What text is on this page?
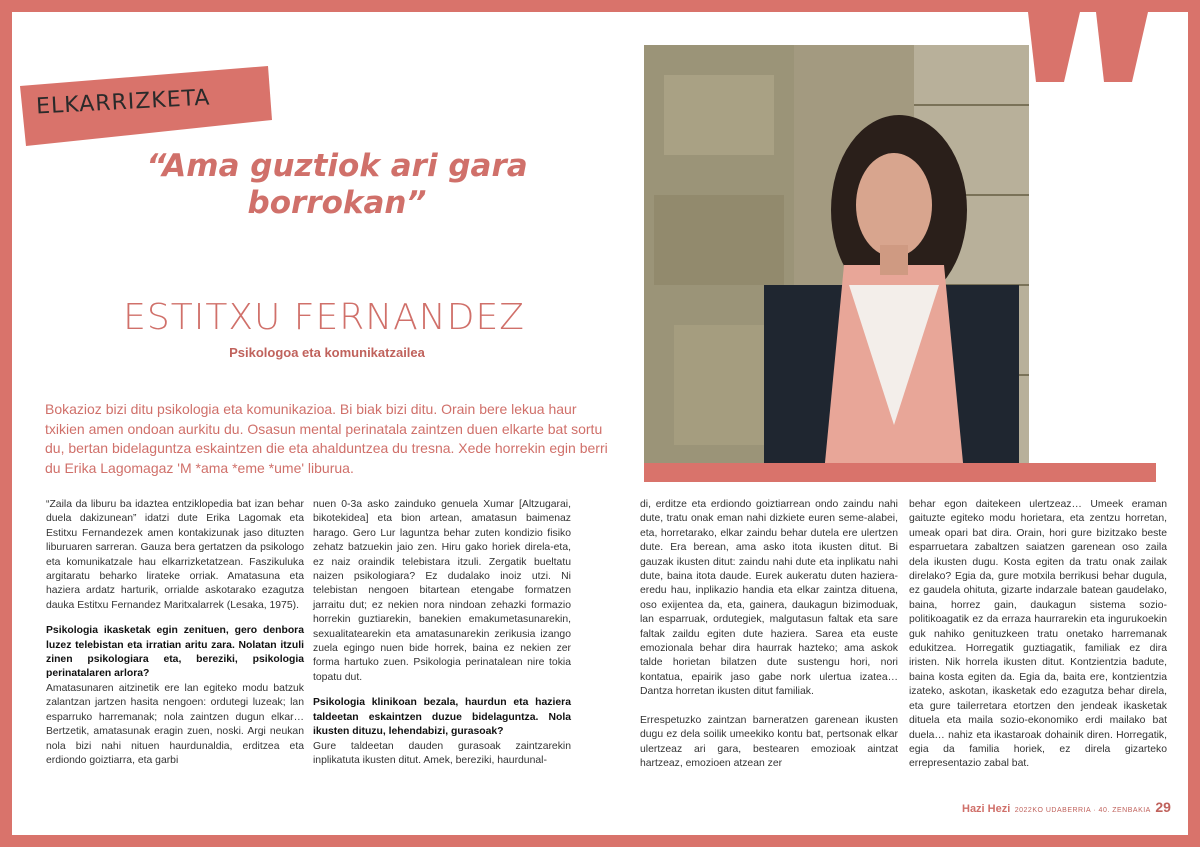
ELKARRIZKETA
“Ama guztiok ari gara borrokan”
ESTITXU FERNANDEZ
Psikologoa eta komunikatzailea
Bokazioz bizi ditu psikologia eta komunikazioa. Bi biak bizi ditu. Orain bere lekua haur txikien amen ondoan aurkitu du. Osasun mental perinatala zaintzen duen elkarte bat sortu du, bertan bidelaguntza eskaintzen die eta ahalduntzea du tresna. Xede horrekin egin berri du Erika Lagomagaz 'M *ama *eme *ume' liburua.

“Zaila da liburu ba idaztea entziklopedia bat izan behar duela dakizunean” idatzi dute Erika Lagomak eta Estitxu Fernandezek amen kontakizunak jaso dituzten liburuaren sarreran. Gauza bera gertatzen da psikologo eta komunikatzale hau elkarrizketatzean. Faszikuluka argitaratu beharko lirateke orriak. Amatasuna eta haziera ardatz harturik, orrialde askotarako ezagutza dauka Estitxu Fernandez Maritxalarrek (Lesaka, 1975).

Psikologia ikasketak egin zenituen, gero denbora luzez telebistan eta irratian aritu zara. Nolatan itzuli zinen psikologiara eta, bereziki, psikologia perinatalaren arlora?

Amatasunaren aitzinetik ere lan egiteko modu batzuk zalantzan jartzen hasita nengoen: ordutegi luzeak; lan esparruko harremanak; nola zaintzen dugun elkar… Bertzetik, amatasunak eragin zuen, noski. Argi neukan nola bizi nahi nituen haurdunaldia, erditzea eta erdiondo goiztiarra, eta garbi

nuen 0-3a asko zainduko genuela Xumar [Altzugarai, bikotekidea] eta bion artean, amatasun baimenaz haraɡo. Gero Lur laguntza behar zuten kondizio fisiko zehatz batzuekin jaio zen. Hiru gako horiek direla-eta, ez naiz oraindik telebistara itzuli. Zergatik bueltatu naizen psikologiara? Ez dudalako inoiz utzi. Ni telebistan nengoen bitartean etengabe formatzen jarraitu dut; ez nekien nora nindoan zehazki formazio horrekin guztiarekin, banekien emakumetasunarekin, sexualitatearekin eta amatasunarekin zerikusia izango zuela egingo nuen bide horrek, baina ez nekien zer forma hartuko zuen. Psikologia perinatalean nire tokia topatu dut.

Psikologia klinikoan bezala, haurdun eta haziera taldeetan eskaintzen duzue bidelaguntza. Nola ikusten dituzu, lehendabizi, gurasoak?

Gure taldeetan dauden gurasoak zaintzarekin inplikatuta ikusten ditut. Amek, bereziki, haurdunal-

di, erditze eta erdiondo goiztiarrean ondo zaindu nahi dute, tratu onak eman nahi dizkiete euren seme-alabei, eta, horretarako, elkar zaindu behar dutela ere ulertzen dute. Era berean, ama asko itota ikusten ditut. Bi gauzak ikusten ditut: zaindu nahi dute eta inplikatu nahi dute, baina itota daude. Eurek aukeratu duten haziera-eredu hau, inplikazio handia eta elkar zaintza dituena, oso exijentea da, eta, gainera, daukagun bizimoduak, lan esparruak, ordutegiek, malgutasun faltak eta sare faltak zaildu egiten dute haziera. Sarea eta euste emozionala behar dira haurrak hazteko; ama askok talde horietan bilatzen dute sustengu hori, nori kontatua, epairik jaso gabe nork ulertua izatea… Dantza horretan ikusten ditut familiak.

Errespetuzko zaintzan barneratzen garenean ikusten dugu ez dela soilik umeekiko kontu bat, pertsonak elkar ulertzeaz ari gara, bestearen emozioak aintzat hartzeaz, emozioen atzean zer

behar egon daitekeen ulertzeaz… Umeek eraman gaituzte egiteko modu horietara, eta zentzu horretan, umeak opari bat dira. Orain, hori gure bizitzako beste esparruetara zabaltzen saiatzen garenean oso zaila dela ikusten dugu. Kosta egiten da tratu onak zailak direlako? Egia da, gure motxila berrikusi behar dugula, ez gaudela ohituta, gizarte indarzale batean gaudelako, baina, horrez gain, daukagun sistema sozio-politikoagatik ez da erraza haurrarekin eta ingurukoekin guk nahiko genituzkeen tratu onetako harremanak edukitzea. Horregatik guztiagatik, familiak ez dira iristen. Nik horrela ikusten ditut. Kontzientzia badute, baina kosta egiten da. Egia da, baita ere, kontzientzia izateko, askotan, ikasketak edo ezagutza behar direla, eta gure tailerretara etortzen den jendeak ikasketak dituela eta maila sozio-ekonomiko erdi mailako bat duela… nahiz eta ikastaroak dohainik diren. Horregatik, egia da familia horiek, ez direla gizarteko errepresentazio zabal bat.

Hazi Hezi 2022KO UDABERRIA · 40. ZENBAKIA 29
